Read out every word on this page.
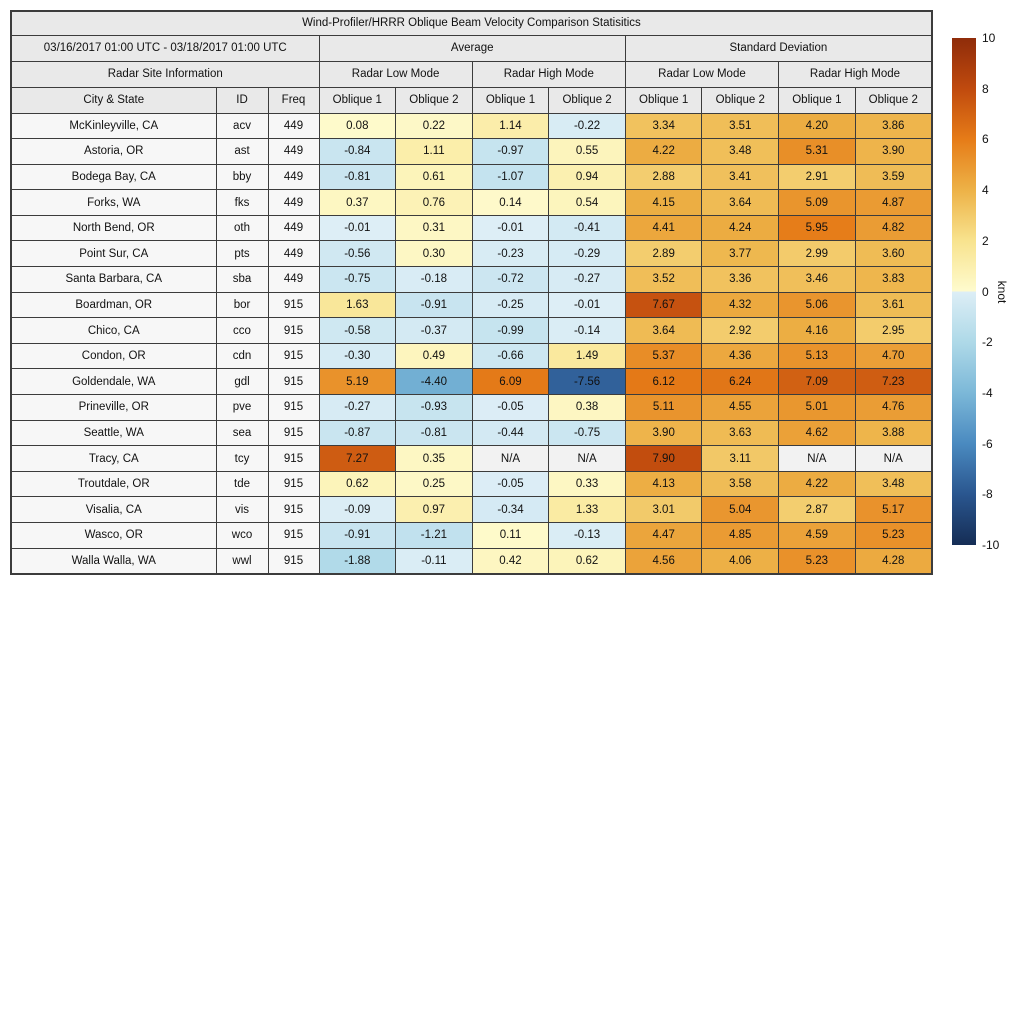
Wind-Profiler/HRRR Oblique Beam Velocity Comparison Statisitics										
03/16/2017 01:00 UTC - 03/18/2017 01:00 UTC			Average				Standard Deviation			
Radar Site Information			Radar Low Mode		Radar High Mode		Radar Low Mode		Radar High Mode	
City & State	ID	Freq	Oblique 1	Oblique 2	Oblique 1	Oblique 2	Oblique 1	Oblique 2	Oblique 1	Oblique 2
McKinleyville, CA	acv	449	0.08	0.22	1.14	-0.22	3.34	3.51	4.20	3.86
Astoria, OR	ast	449	-0.84	1.11	-0.97	0.55	4.22	3.48	5.31	3.90
Bodega Bay, CA	bby	449	-0.81	0.61	-1.07	0.94	2.88	3.41	2.91	3.59
Forks, WA	fks	449	0.37	0.76	0.14	0.54	4.15	3.64	5.09	4.87
North Bend, OR	oth	449	-0.01	0.31	-0.01	-0.41	4.41	4.24	5.95	4.82
Point Sur, CA	pts	449	-0.56	0.30	-0.23	-0.29	2.89	3.77	2.99	3.60
Santa Barbara, CA	sba	449	-0.75	-0.18	-0.72	-0.27	3.52	3.36	3.46	3.83
Boardman, OR	bor	915	1.63	-0.91	-0.25	-0.01	7.67	4.32	5.06	3.61
Chico, CA	cco	915	-0.58	-0.37	-0.99	-0.14	3.64	2.92	4.16	2.95
Condon, OR	cdn	915	-0.30	0.49	-0.66	1.49	5.37	4.36	5.13	4.70
Goldendale, WA	gdl	915	5.19	-4.40	6.09	-7.56	6.12	6.24	7.09	7.23
Prineville, OR	pve	915	-0.27	-0.93	-0.05	0.38	5.11	4.55	5.01	4.76
Seattle, WA	sea	915	-0.87	-0.81	-0.44	-0.75	3.90	3.63	4.62	3.88
Tracy, CA	tcy	915	7.27	0.35	N/A	N/A	7.90	3.11	N/A	N/A
Troutdale, OR	tde	915	0.62	0.25	-0.05	0.33	4.13	3.58	4.22	3.48
Visalia, CA	vis	915	-0.09	0.97	-0.34	1.33	3.01	5.04	2.87	5.17
Wasco, OR	wco	915	-0.91	-1.21	0.11	-0.13	4.47	4.85	4.59	5.23
Walla Walla, WA	wwl	915	-1.88	-0.11	0.42	0.62	4.56	4.06	5.23	4.28
knot
10
8
6
4
2
0
-2
-4
-6
-8
-10
